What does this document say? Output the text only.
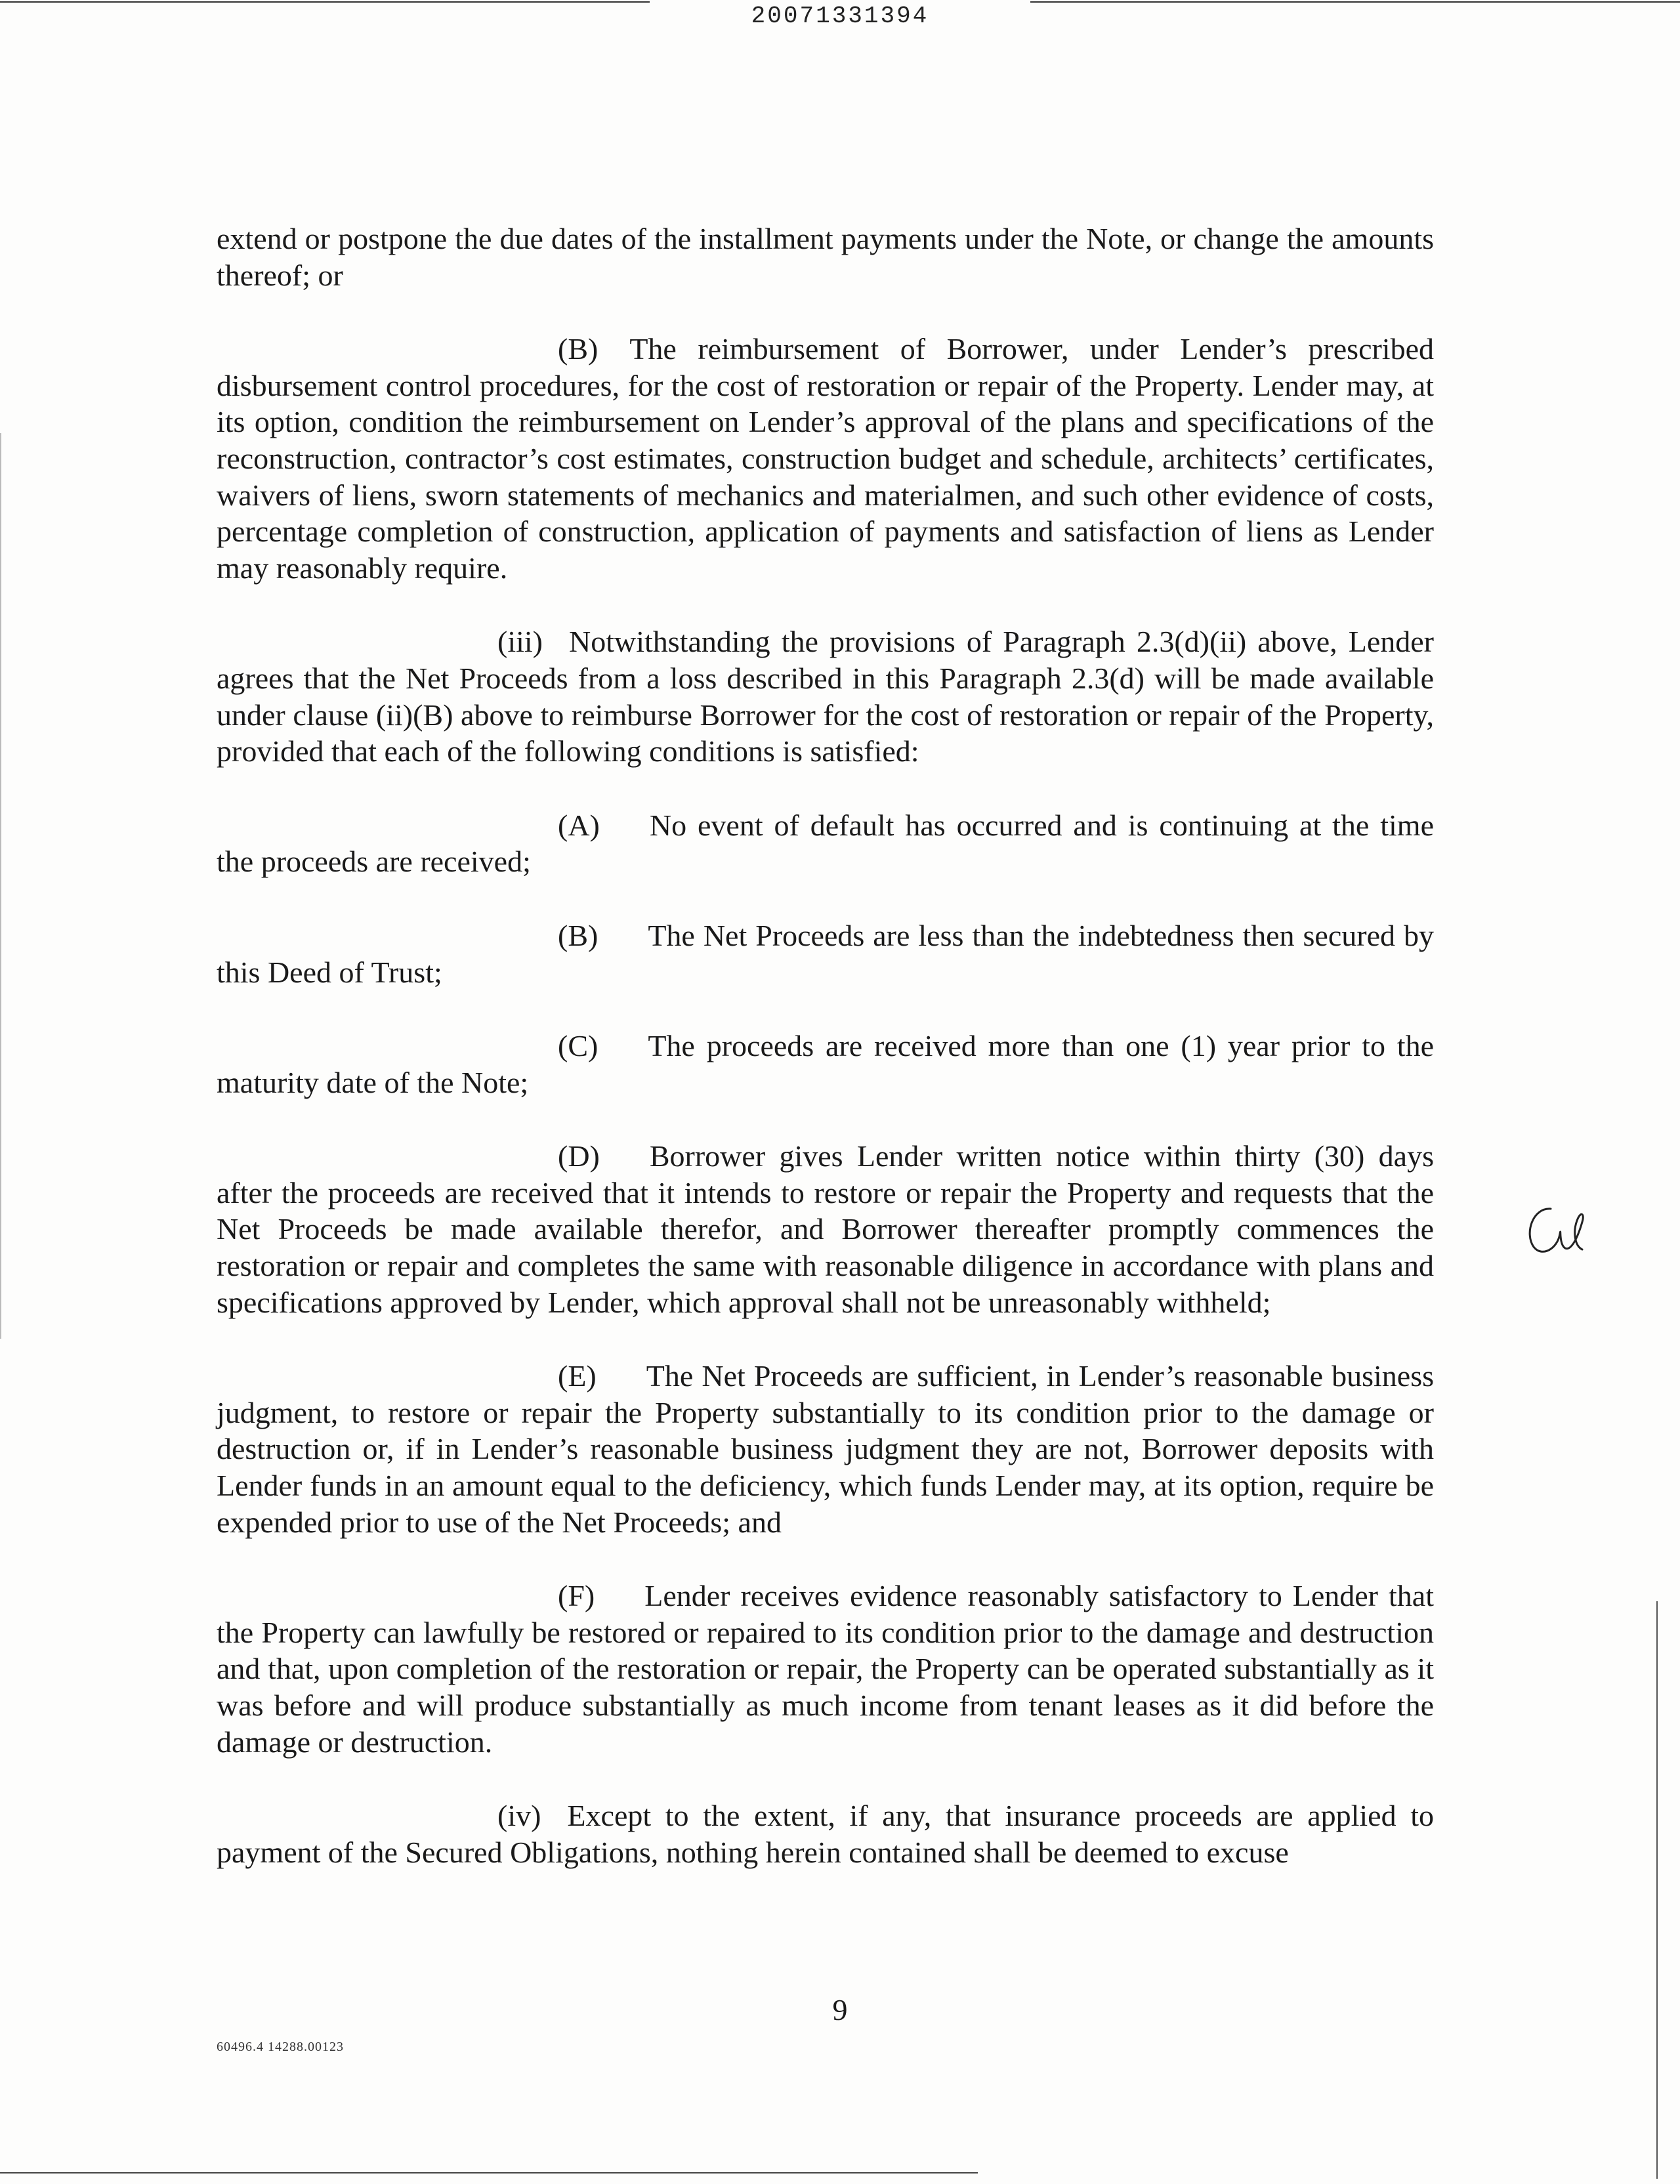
20071331394

extend or postpone the due dates of the installment payments under the Note, or change the amounts thereof; or

(B) The reimbursement of Borrower, under Lender’s prescribed disbursement control procedures, for the cost of restoration or repair of the Property. Lender may, at its option, condition the reimbursement on Lender’s approval of the plans and specifications of the reconstruction, contractor’s cost estimates, construction budget and schedule, architects’ certificates, waivers of liens, sworn statements of mechanics and materialmen, and such other evidence of costs, percentage completion of construction, application of payments and satisfaction of liens as Lender may reasonably require.

(iii) Notwithstanding the provisions of Paragraph 2.3(d)(ii) above, Lender agrees that the Net Proceeds from a loss described in this Paragraph 2.3(d) will be made available under clause (ii)(B) above to reimburse Borrower for the cost of restoration or repair of the Property, provided that each of the following conditions is satisfied:

(A) No event of default has occurred and is continuing at the time the proceeds are received;

(B) The Net Proceeds are less than the indebtedness then secured by this Deed of Trust;

(C) The proceeds are received more than one (1) year prior to the maturity date of the Note;

(D) Borrower gives Lender written notice within thirty (30) days after the proceeds are received that it intends to restore or repair the Property and requests that the Net Proceeds be made available therefor, and Borrower thereafter promptly commences the restoration or repair and completes the same with reasonable diligence in accordance with plans and specifications approved by Lender, which approval shall not be unreasonably withheld;

(E) The Net Proceeds are sufficient, in Lender’s reasonable business judgment, to restore or repair the Property substantially to its condition prior to the damage or destruction or, if in Lender’s reasonable business judgment they are not, Borrower deposits with Lender funds in an amount equal to the deficiency, which funds Lender may, at its option, require be expended prior to use of the Net Proceeds; and

(F) Lender receives evidence reasonably satisfactory to Lender that the Property can lawfully be restored or repaired to its condition prior to the damage and destruction and that, upon completion of the restoration or repair, the Property can be operated substantially as it was before and will produce substantially as much income from tenant leases as it did before the damage or destruction.

(iv) Except to the extent, if any, that insurance proceeds are applied to payment of the Secured Obligations, nothing herein contained shall be deemed to excuse

9
60496.4 14288.00123
